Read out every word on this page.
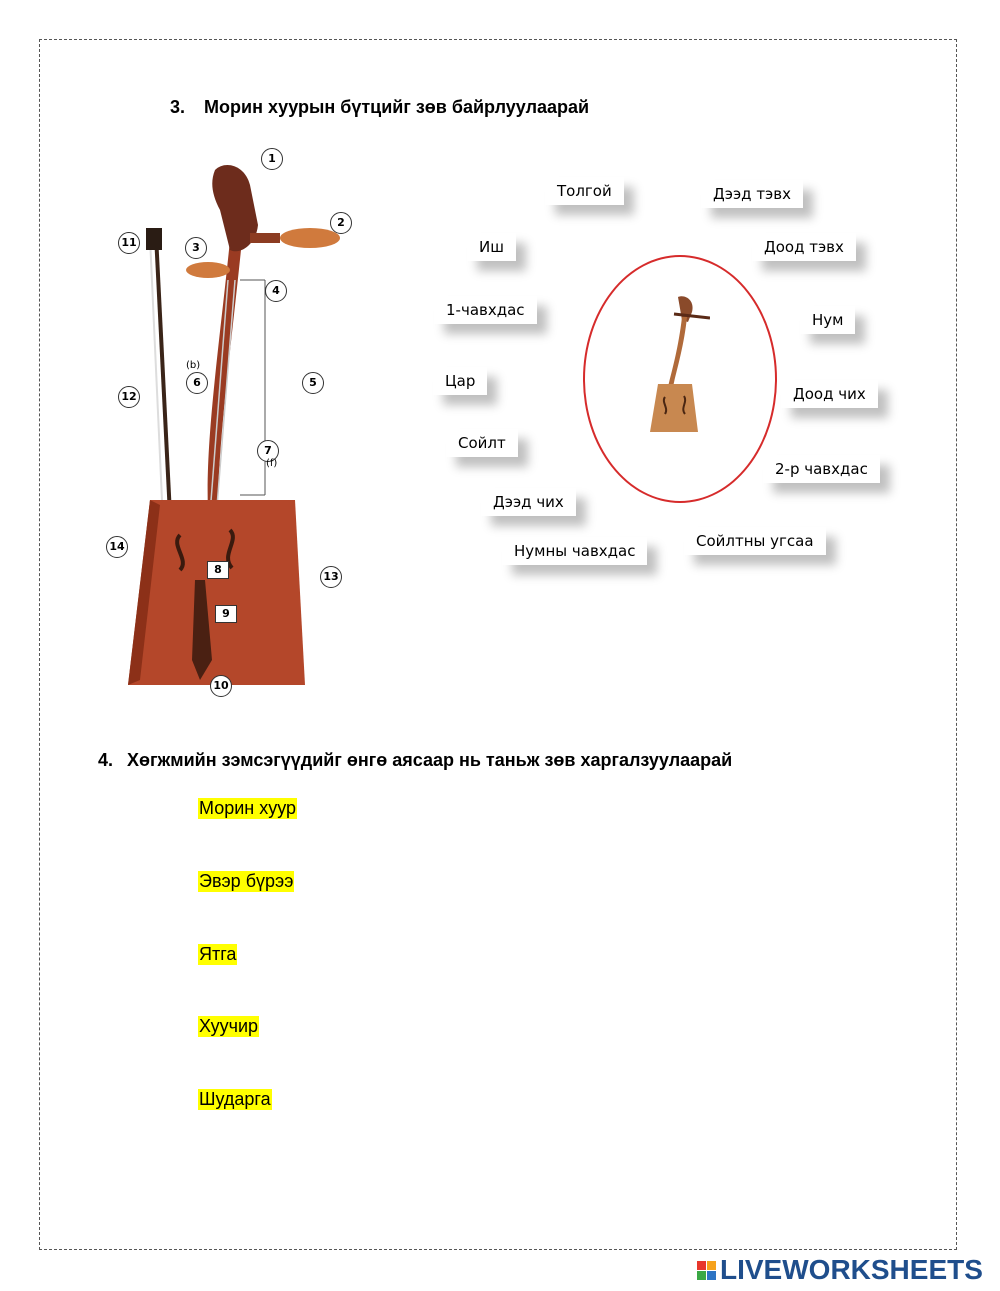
3. Морин хуурын бүтцийг зөв байрлуулаарай
1
2
3
4
5
(b)
6
7
(f)
8
9
10
11
12
13
14
Толгой	Дээд тэвх
Иш	Доод тэвх
1-чавхдас
Нум
Цар
Доод чих
Сойлт
2-р чавхдас
Дээд чих
Сойлтны угсаа
Нумны чавхдас
4. Хөгжмийн зэмсэгүүдийг өнгө аясаар нь таньж зөв харгалзуулаарай
Морин хуур
Эвэр бүрээ
Ятга
Хуучир
Шударга
LIVEWORKSHEETS
